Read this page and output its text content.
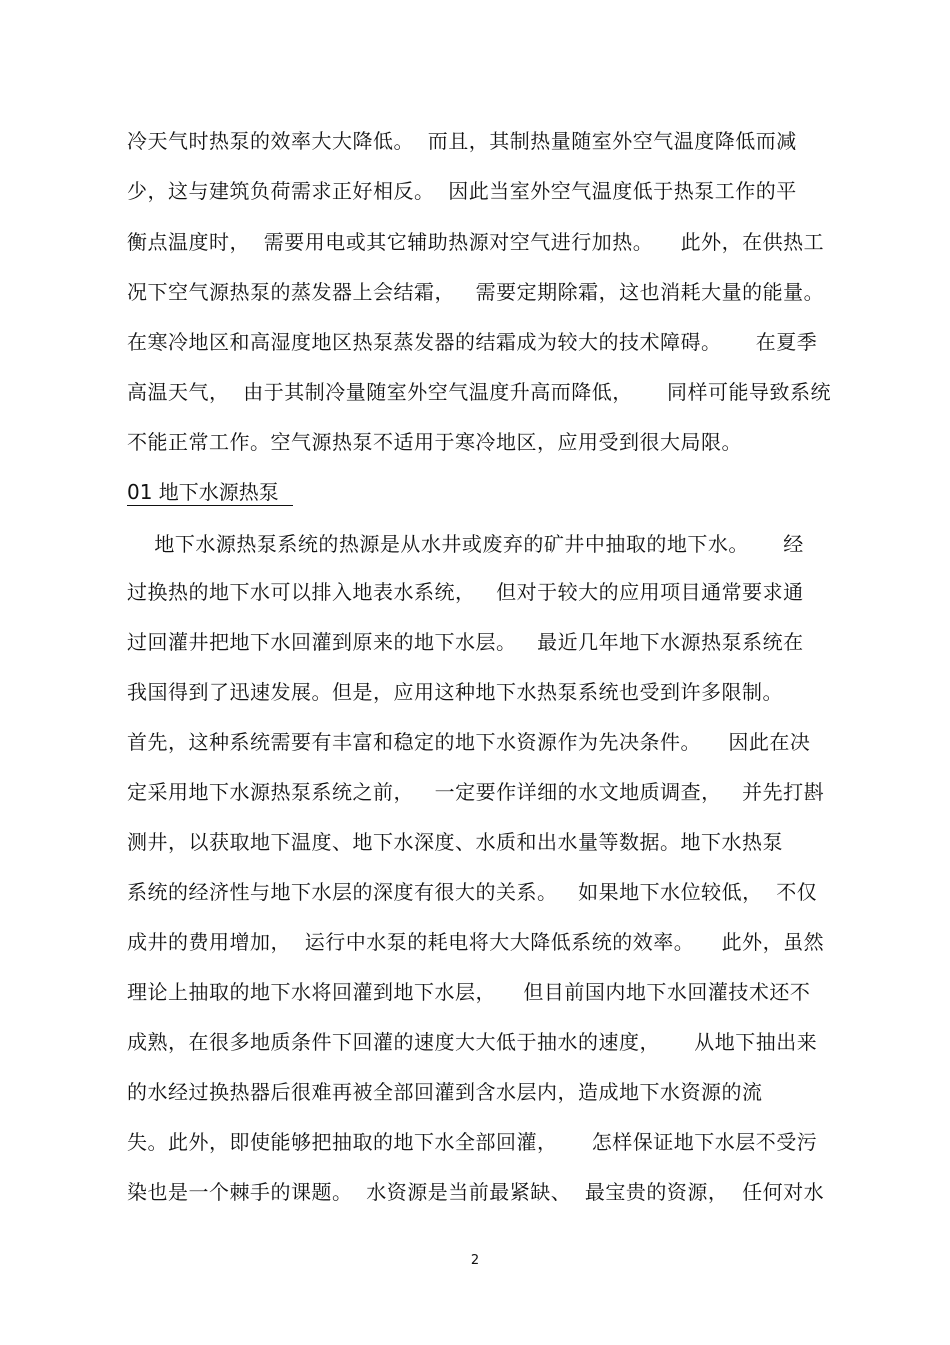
冷天气时热泵的效率大大降低。  而且，其制热量随室外空气温度降低而减
少，这与建筑负荷需求正好相反。  因此当室外空气温度低于热泵工作的平
衡点温度时，  需要用电或其它辅助热源对空气进行加热。    此外，在供热工
况下空气源热泵的蒸发器上会结霜，   需要定期除霜，这也消耗大量的能量。
在寒冷地区和高湿度地区热泵蒸发器的结霜成为较大的技术障碍。     在夏季
高温天气，  由于其制冷量随室外空气温度升高而降低，     同样可能导致系统
不能正常工作。空气源热泵不适用于寒冷地区，应用受到很大局限。
01 地下水源热泵
地下水源热泵系统的热源是从水井或废弃的矿井中抽取的地下水。     经
过换热的地下水可以排入地表水系统，   但对于较大的应用项目通常要求通
过回灌井把地下水回灌到原来的地下水层。   最近几年地下水源热泵系统在
我国得到了迅速发展。但是，应用这种地下水热泵系统也受到许多限制。
首先，这种系统需要有丰富和稳定的地下水资源作为先决条件。    因此在决
定采用地下水源热泵系统之前，   一定要作详细的水文地质调查，   并先打斟
测井，以获取地下温度、地下水深度、水质和出水量等数据。地下水热泵
系统的经济性与地下水层的深度有很大的关系。   如果地下水位较低，  不仅
成井的费用增加，  运行中水泵的耗电将大大降低系统的效率。    此外，虽然
理论上抽取的地下水将回灌到地下水层，    但目前国内地下水回灌技术还不
成熟，在很多地质条件下回灌的速度大大低于抽水的速度，     从地下抽出来
的水经过换热器后很难再被全部回灌到含水层内，造成地下水资源的流
失。此外，即使能够把抽取的地下水全部回灌，     怎样保证地下水层不受污
染也是一个棘手的课题。  水资源是当前最紧缺、  最宝贵的资源，  任何对水
2
